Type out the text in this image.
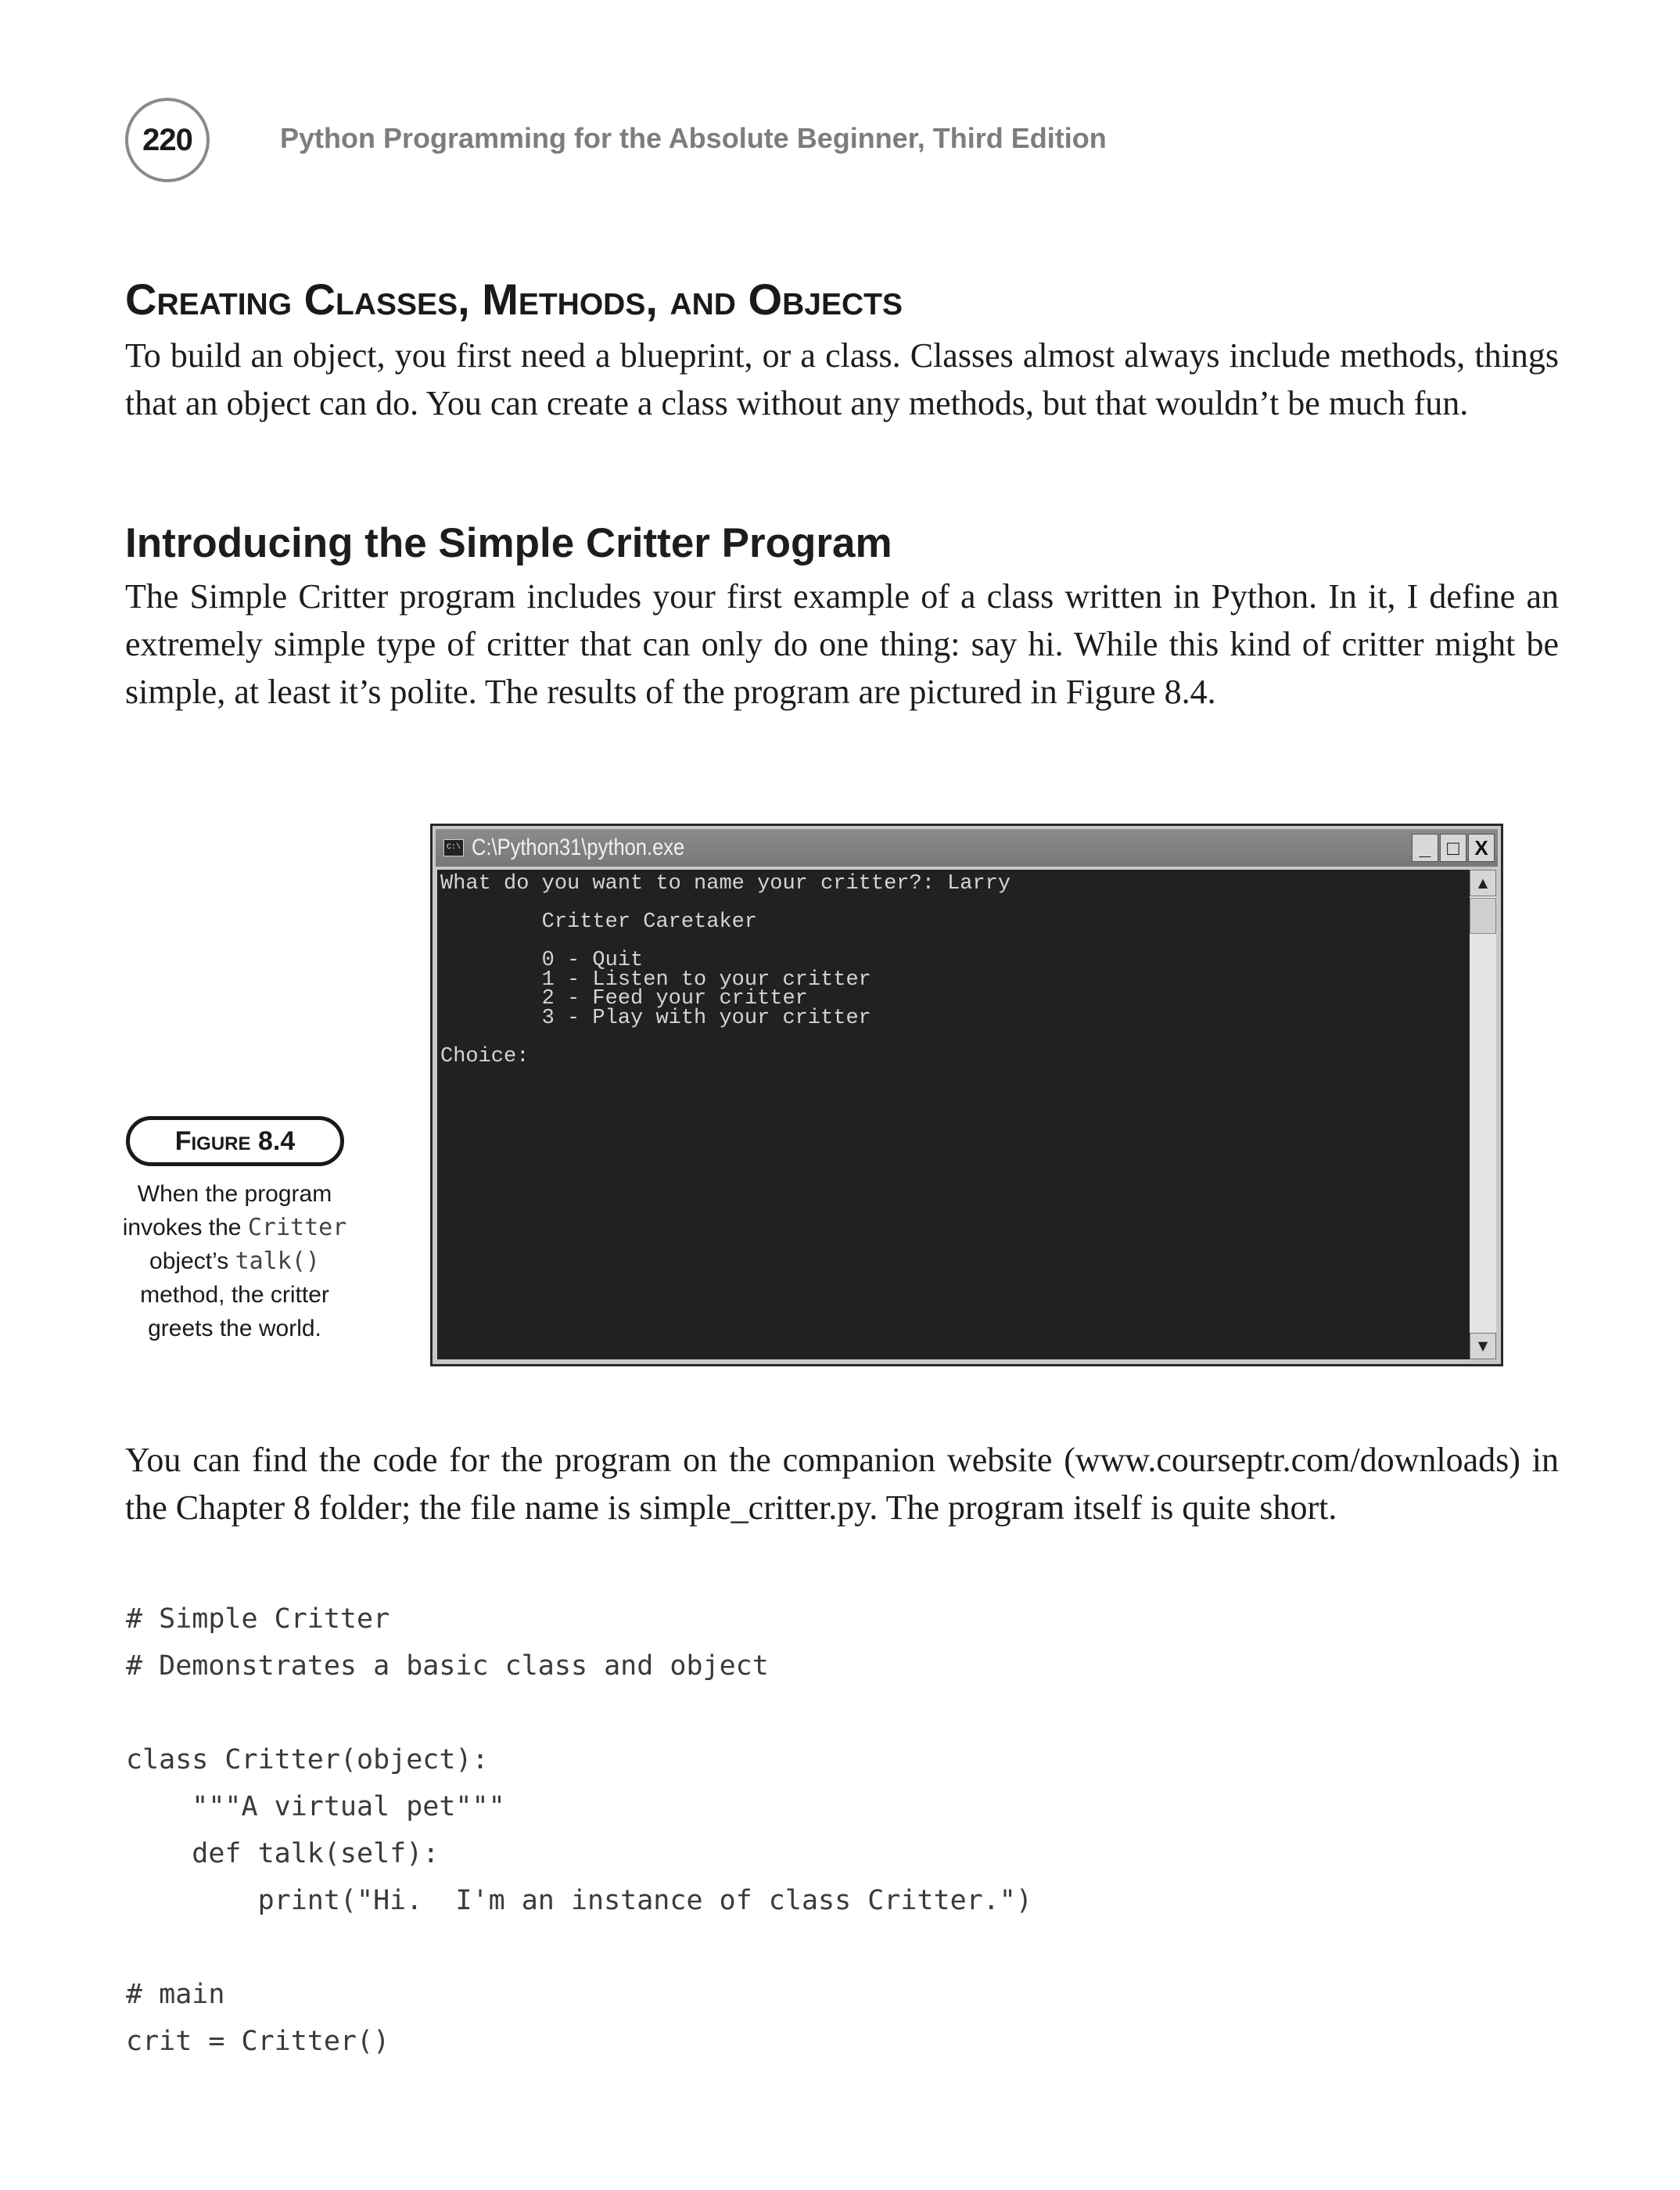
220	Python Programming for the Absolute Beginner, Third Edition
Creating Classes, Methods, and Objects
To build an object, you first need a blueprint, or a class. Classes almost always include methods, things that an object can do. You can create a class without any methods, but that wouldn’t be much fun.
Introducing the Simple Critter Program
The Simple Critter program includes your first example of a class written in Python. In it, I define an extremely simple type of critter that can only do one thing: say hi. While this kind of critter might be simple, at least it’s polite. The results of the program are pictured in Figure 8.4.
C:\ C:\Python31\python.exe	_ □ X
What do you want to name your critter?: Larry

Critter Caretaker

0 - Quit
1 - Listen to your critter
2 - Feed your critter
3 - Play with your critter

Choice:
▲
▼
Figure 8.4
When the program invokes the Critter object’s talk() method, the critter greets the world.
You can find the code for the program on the companion website (www.courseptr.com/downloads) in the Chapter 8 folder; the file name is simple_critter.py. The program itself is quite short.
# Simple Critter
# Demonstrates a basic class and object

class Critter(object):
"""A virtual pet"""
def talk(self):
print("Hi.  I'm an instance of class Critter.")

# main
crit = Critter()
